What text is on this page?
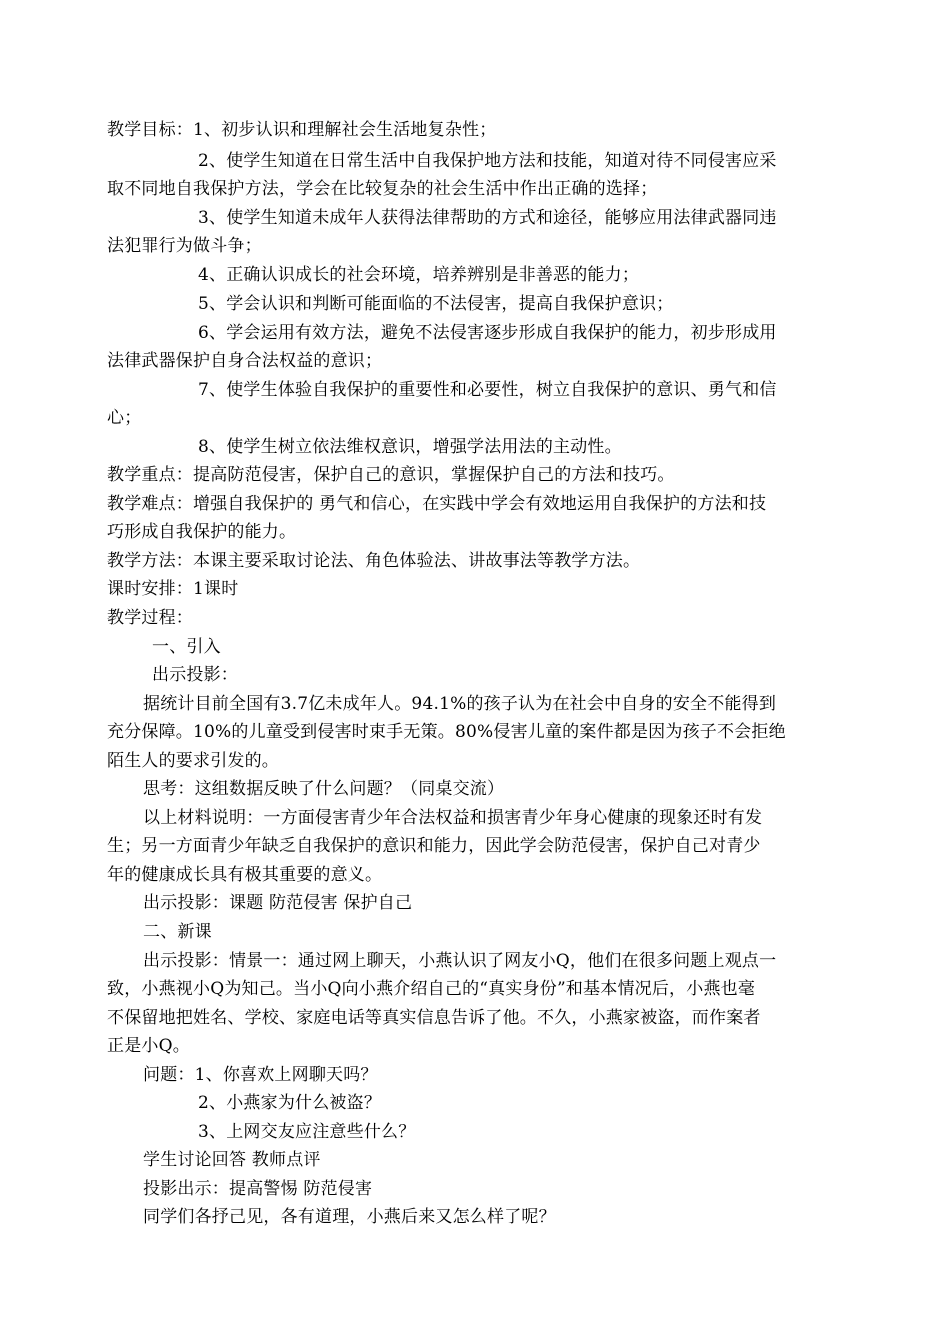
教学目标：1、初步认识和理解社会生活地复杂性；
2、使学生知道在日常生活中自我保护地方法和技能，知道对待不同侵害应采
取不同地自我保护方法，学会在比较复杂的社会生活中作出正确的选择；
3、使学生知道未成年人获得法律帮助的方式和途径，能够应用法律武器同违
法犯罪行为做斗争；
4、正确认识成长的社会环境，培养辨别是非善恶的能力；
5、学会认识和判断可能面临的不法侵害，提高自我保护意识；
6、学会运用有效方法，避免不法侵害逐步形成自我保护的能力，初步形成用
法律武器保护自身合法权益的意识；
7、使学生体验自我保护的重要性和必要性，树立自我保护的意识、勇气和信
心；
8、使学生树立依法维权意识，增强学法用法的主动性。
教学重点：提高防范侵害，保护自己的意识，掌握保护自己的方法和技巧。
教学难点：增强自我保护的 勇气和信心，在实践中学会有效地运用自我保护的方法和技
巧形成自我保护的能力。
教学方法：本课主要采取讨论法、角色体验法、讲故事法等教学方法。
课时安排：1课时
教学过程：
一、引入
出示投影：
据统计目前全国有3.7亿未成年人。94.1%的孩子认为在社会中自身的安全不能得到
充分保障。10%的儿童受到侵害时束手无策。80%侵害儿童的案件都是因为孩子不会拒绝
陌生人的要求引发的。
思考：这组数据反映了什么问题？（同桌交流）
以上材料说明：一方面侵害青少年合法权益和损害青少年身心健康的现象还时有发
生；另一方面青少年缺乏自我保护的意识和能力，因此学会防范侵害，保护自己对青少
年的健康成长具有极其重要的意义。
出示投影：课题 防范侵害 保护自己
二、新课
出示投影：情景一：通过网上聊天，小燕认识了网友小Q，他们在很多问题上观点一
致，小燕视小Q为知己。当小Q向小燕介绍自己的“真实身份”和基本情况后，小燕也毫
不保留地把姓名、学校、家庭电话等真实信息告诉了他。不久，小燕家被盗，而作案者
正是小Q。
问题：1、你喜欢上网聊天吗？
2、小燕家为什么被盗？
3、上网交友应注意些什么？
学生讨论回答 教师点评
投影出示：提高警惕 防范侵害
同学们各抒己见，各有道理，小燕后来又怎么样了呢？
